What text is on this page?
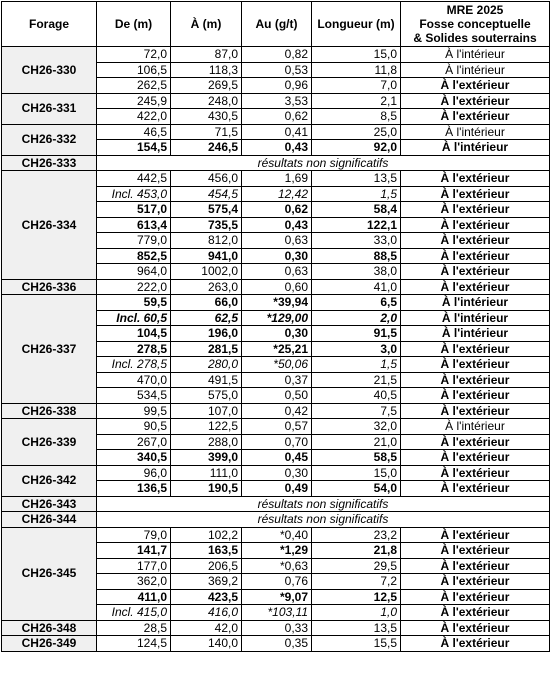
Forage	De (m)	À (m)	Au (g/t)	Longueur (m)	MRE 2025
Fosse conceptuelle
& Solides souterrains

CH26-330	72,0	87,0	0,82	15,0	À l'intérieur
	106,5	118,3	0,53	11,8	À l'intérieur
	262,5	269,5	0,96	7,0	À l'extérieur
CH26-331	245,9	248,0	3,53	2,1	À l'extérieur
	422,0	430,5	0,62	8,5	À l'extérieur
CH26-332	46,5	71,5	0,41	25,0	À l'intérieur
	154,5	246,5	0,43	92,0	À l'intérieur
CH26-333	résultats non significatifs				
CH26-334	442,5	456,0	1,69	13,5	À l'extérieur
	Incl. 453,0	454,5	12,42	1,5	À l'extérieur
	517,0	575,4	0,62	58,4	À l'extérieur
	613,4	735,5	0,43	122,1	À l'extérieur
	779,0	812,0	0,63	33,0	À l'extérieur
	852,5	941,0	0,30	88,5	À l'extérieur
	964,0	1002,0	0,63	38,0	À l'extérieur
CH26-336	222,0	263,0	0,60	41,0	À l'extérieur
CH26-337	59,5	66,0	*39,94	6,5	À l'intérieur
	Incl. 60,5	62,5	*129,00	2,0	À l'intérieur
	104,5	196,0	0,30	91,5	À l'intérieur
	278,5	281,5	*25,21	3,0	À l'extérieur
	Incl. 278,5	280,0	*50,06	1,5	À l'extérieur
	470,0	491,5	0,37	21,5	À l'extérieur
	534,5	575,0	0,50	40,5	À l'extérieur
CH26-338	99,5	107,0	0,42	7,5	À l'extérieur
CH26-339	90,5	122,5	0,57	32,0	À l'intérieur
	267,0	288,0	0,70	21,0	À l'extérieur
	340,5	399,0	0,45	58,5	À l'extérieur
CH26-342	96,0	111,0	0,30	15,0	À l'extérieur
	136,5	190,5	0,49	54,0	À l'extérieur
CH26-343	résultats non significatifs				
CH26-344	résultats non significatifs				
CH26-345	79,0	102,2	*0,40	23,2	À l'extérieur
	141,7	163,5	*1,29	21,8	À l'extérieur
	177,0	206,5	*0,63	29,5	À l'extérieur
	362,0	369,2	0,76	7,2	À l'extérieur
	411,0	423,5	*9,07	12,5	À l'extérieur
	Incl. 415,0	416,0	*103,11	1,0	À l'extérieur
CH26-348	28,5	42,0	0,33	13,5	À l'extérieur
CH26-349	124,5	140,0	0,35	15,5	À l'extérieur
